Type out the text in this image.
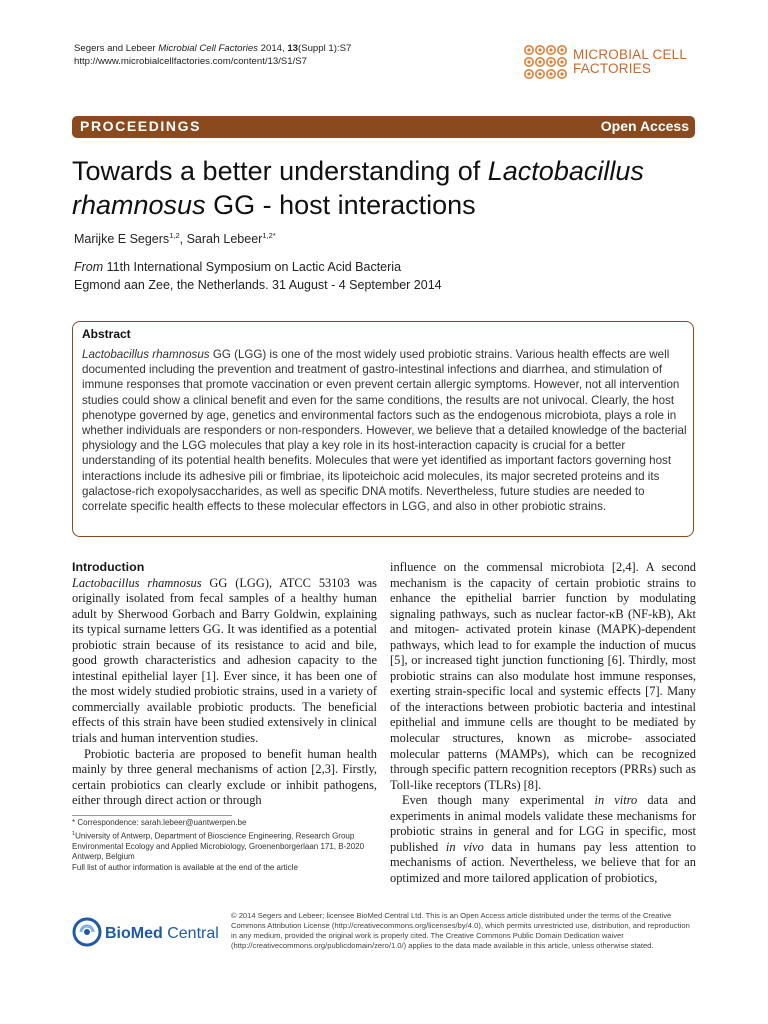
Segers and Lebeer Microbial Cell Factories 2014, 13(Suppl 1):S7
http://www.microbialcellfactories.com/content/13/S1/S7	MICROBIAL CELL
FACTORIES
PROCEEDINGS	Open Access
Towards a better understanding of Lactobacillus
rhamnosus GG - host interactions
Marijke E Segers$^{1,2}$, Sarah Lebeer$^{1,2*}$
From 11th International Symposium on Lactic Acid Bacteria
Egmond aan Zee, the Netherlands. 31 August - 4 September 2014
Abstract

Lactobacillus rhamnosus GG (LGG) is one of the most widely used probiotic strains. Various health effects are well documented including the prevention and treatment of gastro-intestinal infections and diarrhea, and stimulation of immune responses that promote vaccination or even prevent certain allergic symptoms. However, not all intervention studies could show a clinical benefit and even for the same conditions, the results are not univocal. Clearly, the host phenotype governed by age, genetics and environmental factors such as the endogenous microbiota, plays a role in whether individuals are responders or non-responders. However, we believe that a detailed knowledge of the bacterial physiology and the LGG molecules that play a key role in its host-interaction capacity is crucial for a better understanding of its potential health benefits. Molecules that were yet identified as important factors governing host interactions include its adhesive pili or fimbriae, its lipoteichoic acid molecules, its major secreted proteins and its galactose-rich exopolysaccharides, as well as specific DNA motifs. Nevertheless, future studies are needed to correlate specific health effects to these molecular effectors in LGG, and also in other probiotic strains.

Introduction

Lactobacillus rhamnosus GG (LGG), ATCC 53103 was originally isolated from fecal samples of a healthy human adult by Sherwood Gorbach and Barry Goldwin, explaining its typical surname letters GG. It was identified as a potential probiotic strain because of its resistance to acid and bile, good growth characteristics and adhesion capacity to the intestinal epithelial layer [1]. Ever since, it has been one of the most widely studied probiotic strains, used in a variety of commercially available probiotic products. The beneficial effects of this strain have been studied extensively in clinical trials and human intervention studies.

Probiotic bacteria are proposed to benefit human health mainly by three general mechanisms of action [2,3]. Firstly, certain probiotics can clearly exclude or inhibit pathogens, either through direct action or through

influence on the commensal microbiota [2,4]. A second mechanism is the capacity of certain probiotic strains to enhance the epithelial barrier function by modulating signaling pathways, such as nuclear factor-κB (NF-kB), Akt and mitogen- activated protein kinase (MAPK)-dependent pathways, which lead to for example the induction of mucus [5], or increased tight junction functioning [6]. Thirdly, most probiotic strains can also modulate host immune responses, exerting strain-specific local and systemic effects [7]. Many of the interactions between probiotic bacteria and intestinal epithelial and immune cells are thought to be mediated by molecular structures, known as microbe- associated molecular patterns (MAMPs), which can be recognized through specific pattern recognition receptors (PRRs) such as Toll-like receptors (TLRs) [8].

Even though many experimental in vitro data and experiments in animal models validate these mechanisms for probiotic strains in general and for LGG in specific, most published in vivo data in humans pay less attention to mechanisms of action. Nevertheless, we believe that for an optimized and more tailored application of probiotics,

* Correspondence: sarah.lebeer@uantwerpen.be

$^1$University of Antwerp, Department of Bioscience Engineering, Research Group Environmental Ecology and Applied Microbiology, Groenenborgerlaan 171, B-2020 Antwerp, Belgium

Full list of author information is available at the end of the article

BioMed Central
© 2014 Segers and Lebeer; licensee BioMed Central Ltd. This is an Open Access article distributed under the terms of the Creative Commons Attribution License (http://creativecommons.org/licenses/by/4.0), which permits unrestricted use, distribution, and reproduction in any medium, provided the original work is properly cited. The Creative Commons Public Domain Dedication waiver (http://creativecommons.org/publicdomain/zero/1.0/) applies to the data made available in this article, unless otherwise stated.
